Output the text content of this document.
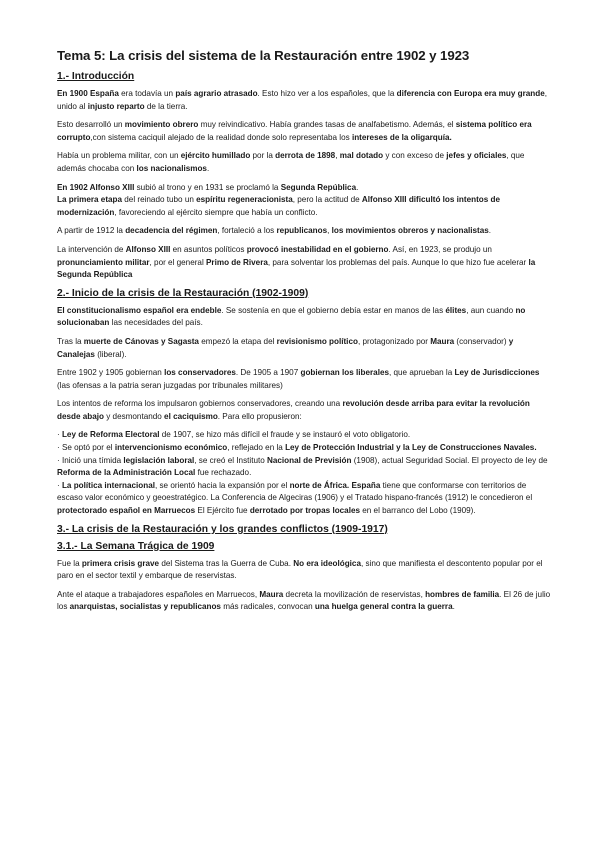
Tema 5: La crisis del sistema de la Restauración entre 1902 y 1923
1.- Introducción

En 1900 España era todavía un país agrario atrasado. Esto hizo ver a los españoles, que la diferencia con Europa era muy grande, unido al injusto reparto de la tierra.

Esto desarrolló un movimiento obrero muy reivindicativo. Había grandes tasas de analfabetismo. Además, el sistema político era corrupto,con sistema caciquil alejado de la realidad donde solo representaba los intereses de la oligarquía.

Había un problema militar, con un ejército humillado por la derrota de 1898, mal dotado y con exceso de jefes y oficiales, que además chocaba con los nacionalismos.

En 1902 Alfonso XIII subió al trono y en 1931 se proclamó la Segunda República.

La primera etapa del reinado tubo un espíritu regeneracionista, pero la actitud de Alfonso XIII dificultó los intentos de modernización, favoreciendo al ejército siempre que había un conflicto.

A partir de 1912 la decadencia del régimen, fortaleció a los republicanos, los movimientos obreros y nacionalistas.

La intervención de Alfonso XIII en asuntos políticos provocó inestabilidad en el gobierno. Así, en 1923, se produjo un pronunciamiento militar, por el general Primo de Rivera, para solventar los problemas del país. Aunque lo que hizo fue acelerar la Segunda República

2.- Inicio de la crisis de la Restauración (1902-1909)

El constitucionalismo español era endeble. Se sostenía en que el gobierno debía estar en manos de las élites, aun cuando no solucionaban las necesidades del país.

Tras la muerte de Cánovas y Sagasta empezó la etapa del revisionismo político, protagonizado por Maura (conservador) y Canalejas (liberal).

Entre 1902 y 1905 gobiernan los conservadores. De 1905 a 1907 gobiernan los liberales, que aprueban la Ley de Jurisdicciones (las ofensas a la patria seran juzgadas por tribunales militares)

Los intentos de reforma los impulsaron gobiernos conservadores, creando una revolución desde arriba para evitar la revolución desde abajo y desmontando el caciquismo. Para ello propusieron:

· Ley de Reforma Electoral de 1907, se hizo más difícil el fraude y se instauró el voto obligatorio.

· Se optó por el intervencionismo económico, reflejado en la Ley de Protección Industrial y la Ley de Construcciones Navales.

· Inició una tímida legislación laboral, se creó el Instituto Nacional de Previsión (1908), actual Seguridad Social. El proyecto de ley de Reforma de la Administración Local fue rechazado.

· La política internacional, se orientó hacia la expansión por el norte de África. España tiene que conformarse con territorios de escaso valor económico y geoestratégico. La Conferencia de Algeciras (1906) y el Tratado hispano-francés (1912) le concedieron el protectorado español en Marruecos El Ejército fue derrotado por tropas locales en el barranco del Lobo (1909).

3.- La crisis de la Restauración y los grandes conflictos (1909-1917)
3.1.- La Semana Trágica de 1909

Fue la primera crisis grave del Sistema tras la Guerra de Cuba. No era ideológica, sino que manifiesta el descontento popular por el paro en el sector textil y embarque de reservistas.

Ante el ataque a trabajadores españoles en Marruecos, Maura decreta la movilización de reservistas, hombres de familia. El 26 de julio los anarquistas, socialistas y republicanos más radicales, convocan una huelga general contra la guerra.
